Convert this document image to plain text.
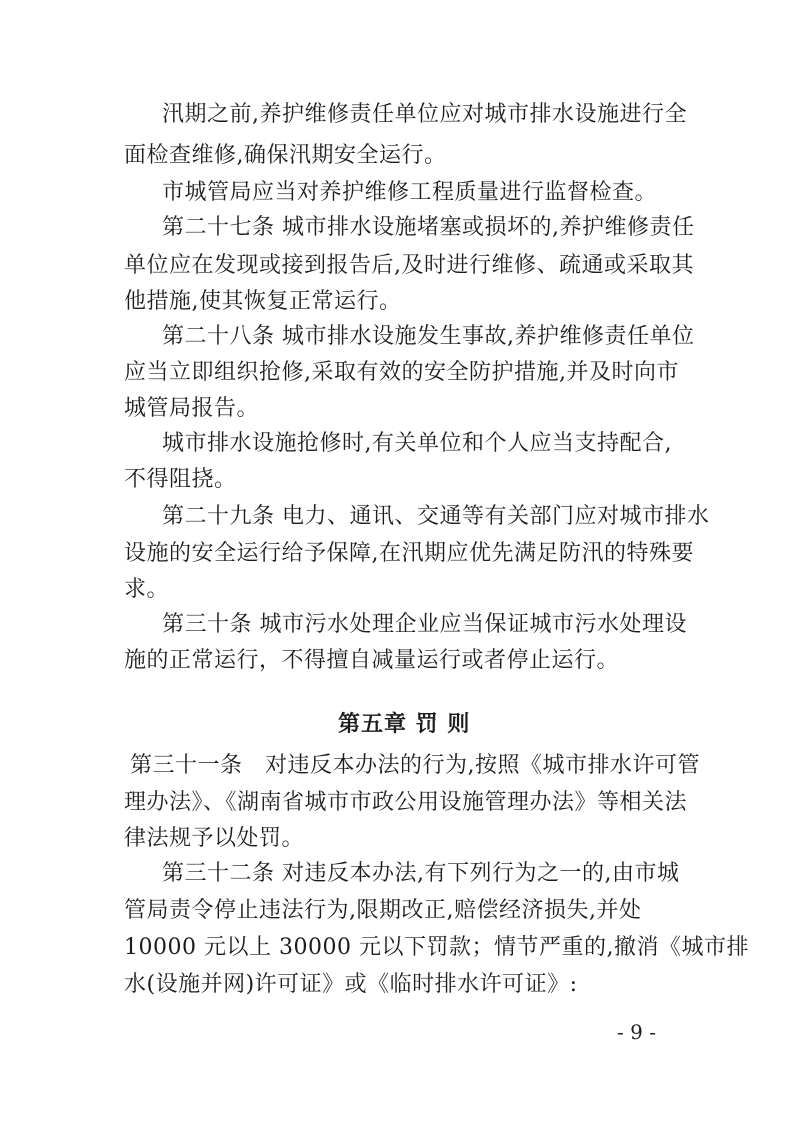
汛期之前,养护维修责任单位应对城市排水设施进行全
面检查维修,确保汛期安全运行。
市城管局应当对养护维修工程质量进行监督检查。
第二十七条 城市排水设施堵塞或损坏的,养护维修责任
单位应在发现或接到报告后,及时进行维修、疏通或采取其
他措施,使其恢复正常运行。
第二十八条 城市排水设施发生事故,养护维修责任单位
应当立即组织抢修,采取有效的安全防护措施,并及时向市
城管局报告。
城市排水设施抢修时,有关单位和个人应当支持配合,
不得阻挠。
第二十九条 电力、通讯、交通等有关部门应对城市排水
设施的安全运行给予保障,在汛期应优先满足防汛的特殊要
求。
第三十条 城市污水处理企业应当保证城市污水处理设
施的正常运行，不得擅自减量运行或者停止运行。
第五章 罚 则
第三十一条　对违反本办法的行为,按照《城市排水许可管
理办法》、《湖南省城市市政公用设施管理办法》等相关法
律法规予以处罚。
第三十二条 对违反本办法,有下列行为之一的,由市城
管局责令停止违法行为,限期改正,赔偿经济损失,并处
10000 元以上 30000 元以下罚款；情节严重的,撤消《城市排
水(设施并网)许可证》或《临时排水许可证》:
- 9 -
